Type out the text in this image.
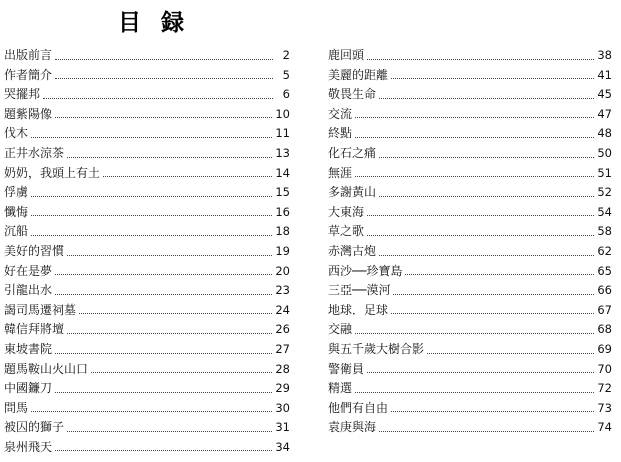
目 録
出版前言	2
作者簡介	5
哭擺邦	6
題紫陽像	10
伐木	11
正井水涼茶	13
奶奶，我頭上有土	14
俘虜	15
懺悔	16
沉船	18
美好的習慣	19
好在是夢	20
引龍出水	23
謁司馬遷祠墓	24
韓信拜將壇	26
東坡書院	27
題馬鞍山火山口	28
中國鐮刀	29
問馬	30
被囚的獅子	31
泉州飛天	34
鹿回頭	38
美麗的距離	41
敬畏生命	45
交流	47
終點	48
化石之痛	50
無涯	51
多謝黃山	52
大東海	54
草之歌	58
赤灣古炮	62
西沙──珍寶島	65
三亞──漠河	66
地球．足球	67
交融	68
與五千歲大樹合影	69
警衛員	70
精選	72
他們有自由	73
袁庚與海	74
